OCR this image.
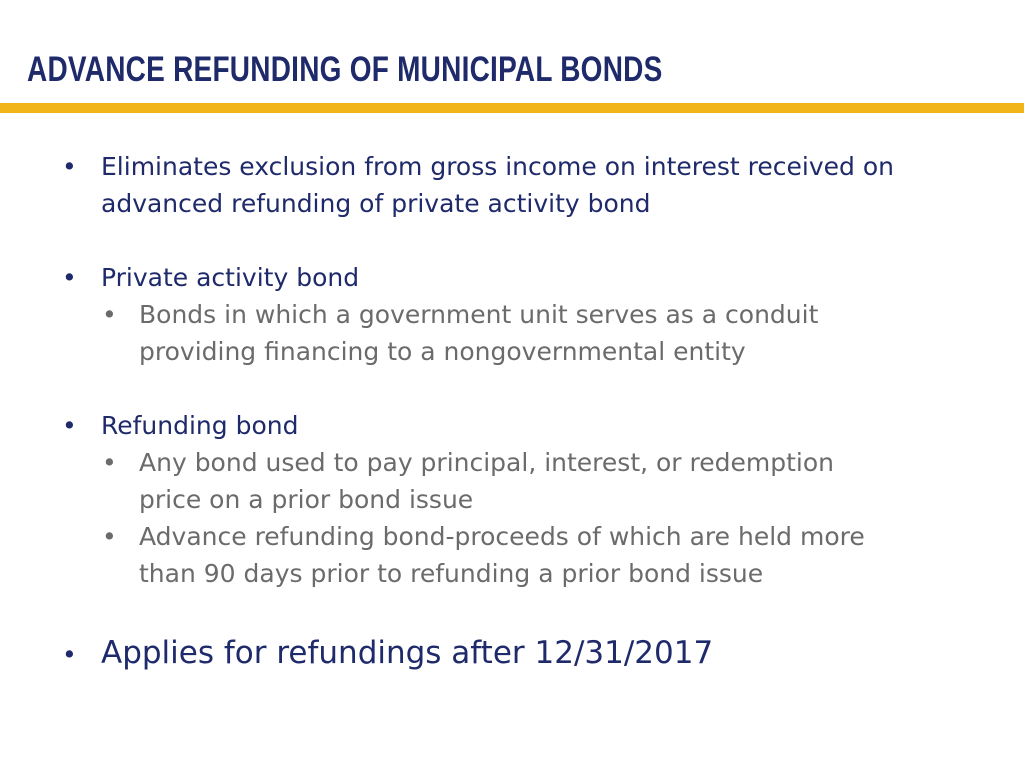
ADVANCE REFUNDING OF MUNICIPAL BONDS
• Eliminates exclusion from gross income on interest received on
advanced refunding of private activity bond
• Private activity bond
• Bonds in which a government unit serves as a conduit
providing financing to a nongovernmental entity
• Refunding bond
• Any bond used to pay principal, interest, or redemption
price on a prior bond issue
• Advance refunding bond-proceeds of which are held more
than 90 days prior to refunding a prior bond issue
• Applies for refundings after 12/31/2017
